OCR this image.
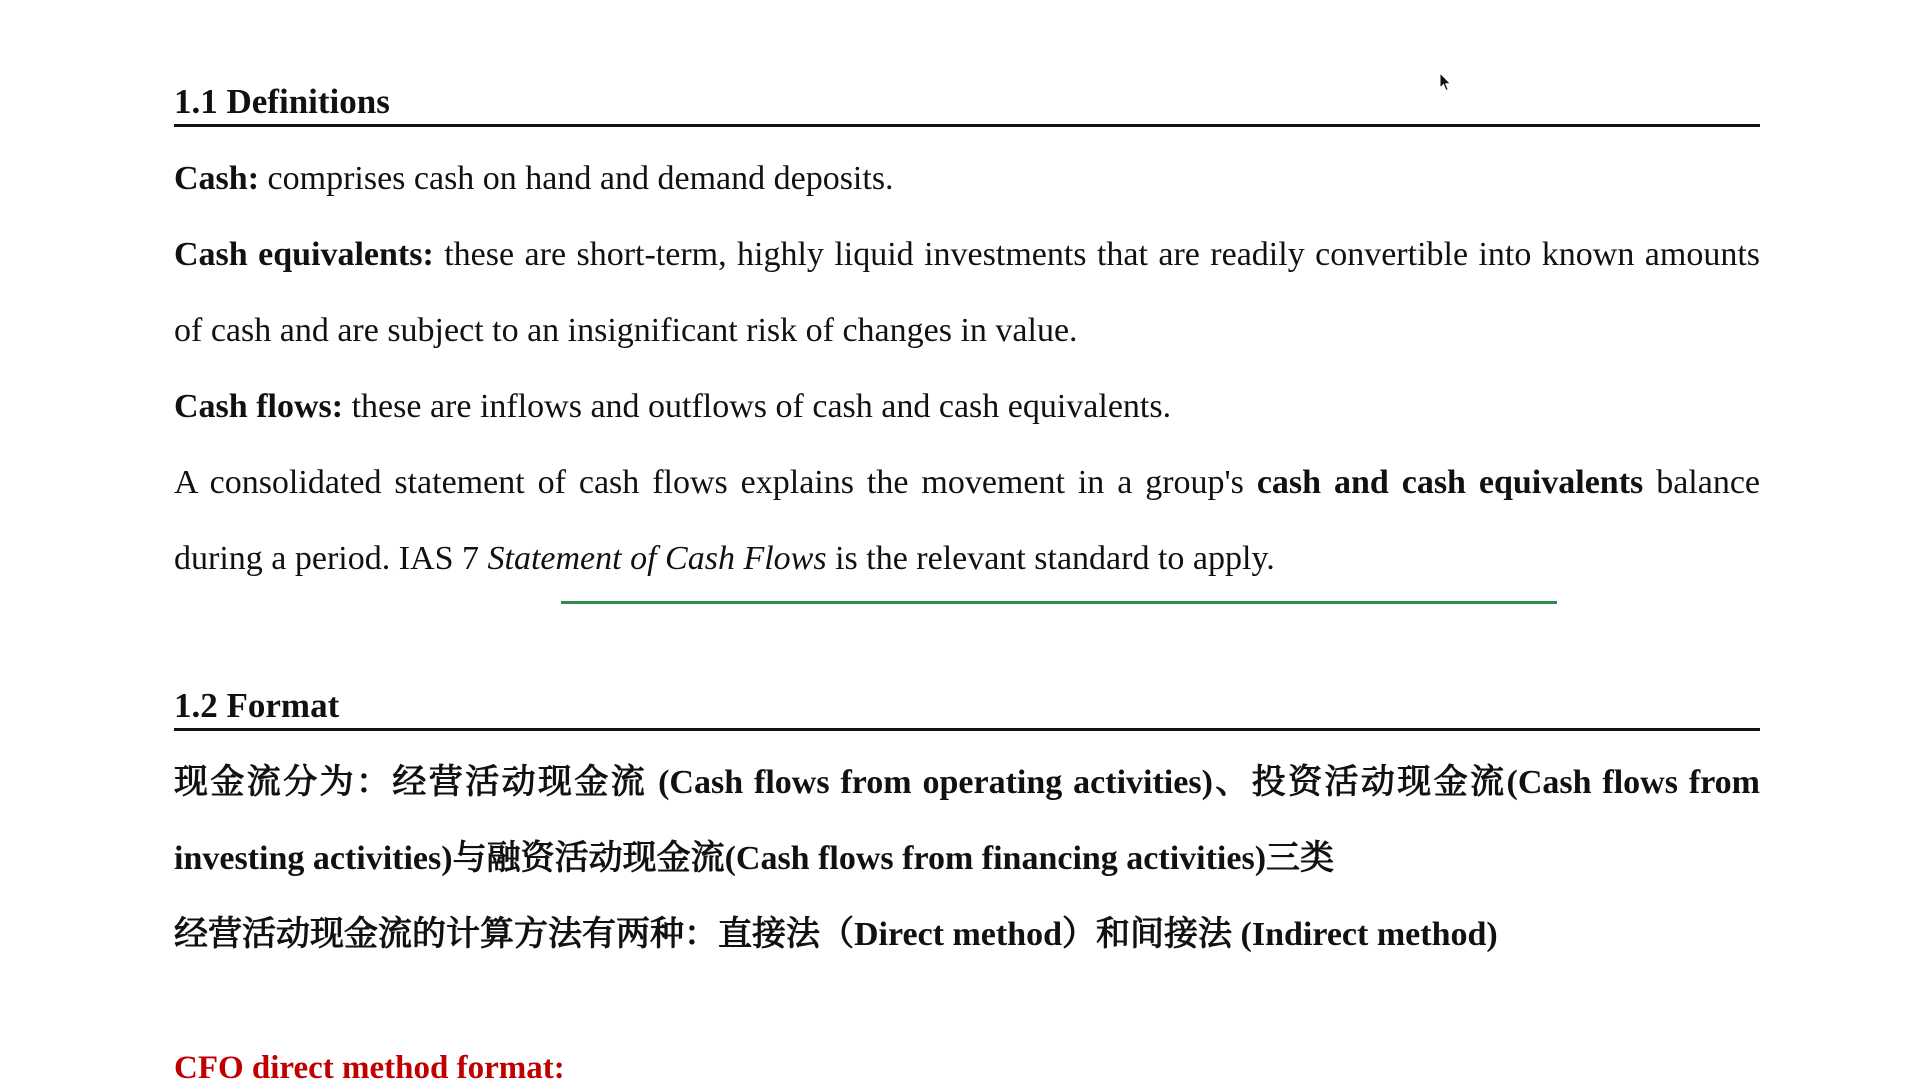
1.1 Definitions

Cash: comprises cash on hand and demand deposits.

Cash equivalents: these are short-term, highly liquid investments that are readily convertible into known amounts of cash and are subject to an insignificant risk of changes in value.

Cash flows: these are inflows and outflows of cash and cash equivalents.

A consolidated statement of cash flows explains the movement in a group's cash and cash equivalents balance during a period. IAS 7 Statement of Cash Flows is the relevant standard to apply.

1.2 Format

现金流分为：经营活动现金流 (Cash flows from operating activities)、投资活动现金流(Cash flows from investing activities)与融资活动现金流(Cash flows from financing activities)三类

经营活动现金流的计算方法有两种：直接法（Direct method）和间接法 (Indirect method)

CFO direct method format:
